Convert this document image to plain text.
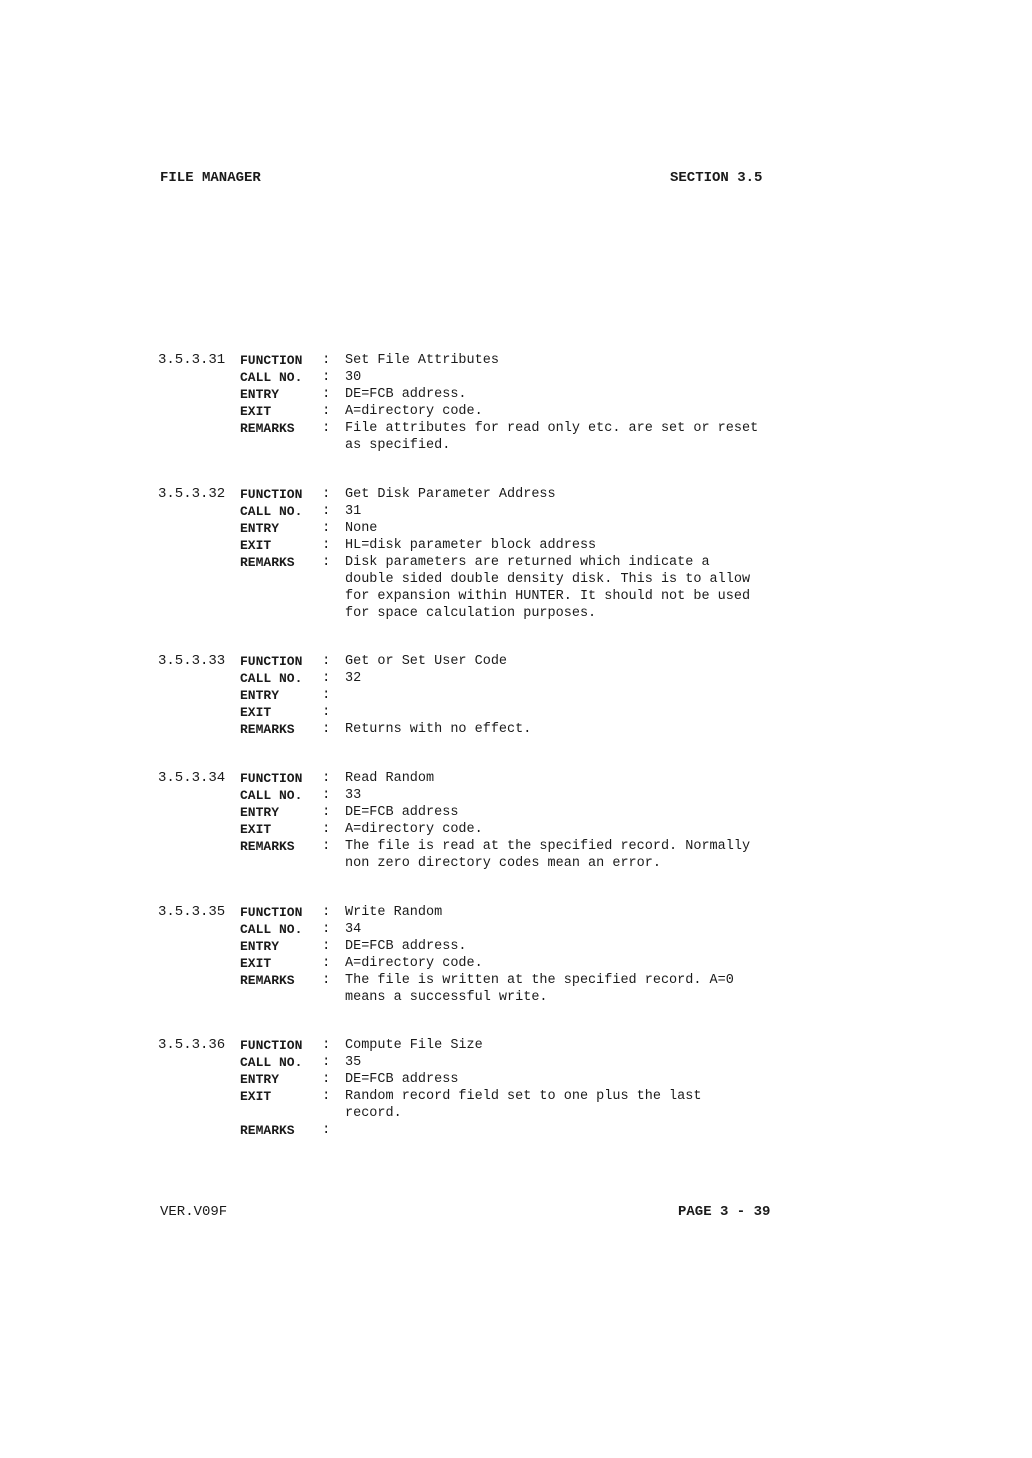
FILE MANAGER	SECTION 3.5
3.5.3.31 FUNCTION : Set File Attributes
CALL NO. : 30
ENTRY	: DE=FCB address.
EXIT	: A=directory code.
REMARKS : File attributes for read only etc. are set or reset
as specified.
3.5.3.32 FUNCTION : Get Disk Parameter Address
CALL NO. : 31
ENTRY	: None
EXIT	: HL=disk parameter block address
REMARKS : Disk parameters are returned which indicate a
double sided double density disk. This is to allow
for expansion within HUNTER. It should not be used
for space calculation purposes.
3.5.3.33 FUNCTION : Get or Set User Code
CALL NO. : 32
ENTRY	:
EXIT	:
REMARKS : Returns with no effect.
3.5.3.34 FUNCTION : Read Random
CALL NO. : 33
ENTRY	: DE=FCB address
EXIT	: A=directory code.
REMARKS : The file is read at the specified record. Normally
non zero directory codes mean an error.
3.5.3.35 FUNCTION : Write Random
CALL NO. : 34
ENTRY	: DE=FCB address.
EXIT	: A=directory code.
REMARKS : The file is written at the specified record. A=0
means a successful write.
3.5.3.36 FUNCTION : Compute File Size
CALL NO. : 35
ENTRY	: DE=FCB address
EXIT	: Random record field set to one plus the last
record.
REMARKS :
VER.V09F	PAGE 3 - 39
